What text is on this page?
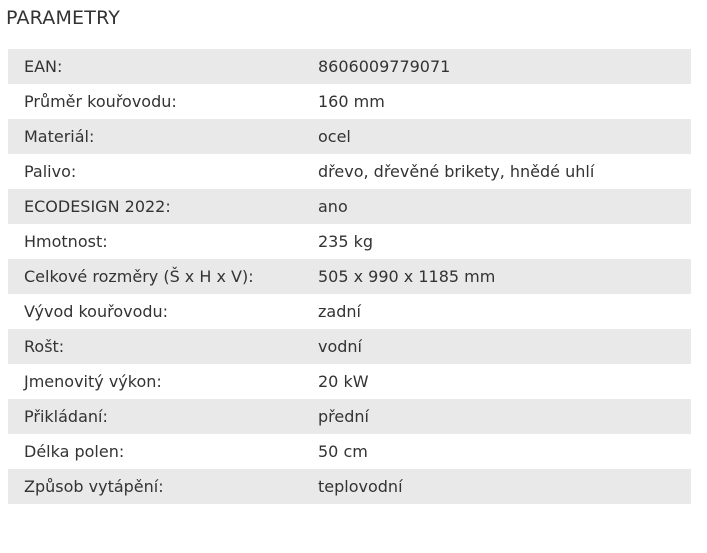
PARAMETRY
EAN:	8606009779071
Průměr kouřovodu:	160 mm
Materiál:	ocel
Palivo:	dřevo, dřevěné brikety, hnědé uhlí
ECODESIGN 2022:	ano
Hmotnost:	235 kg
Celkové rozměry (Š x H x V):	505 x 990 x 1185 mm
Vývod kouřovodu:	zadní
Rošt:	vodní
Jmenovitý výkon:	20 kW
Přikládaní:	přední
Délka polen:	50 cm
Způsob vytápění:	teplovodní
